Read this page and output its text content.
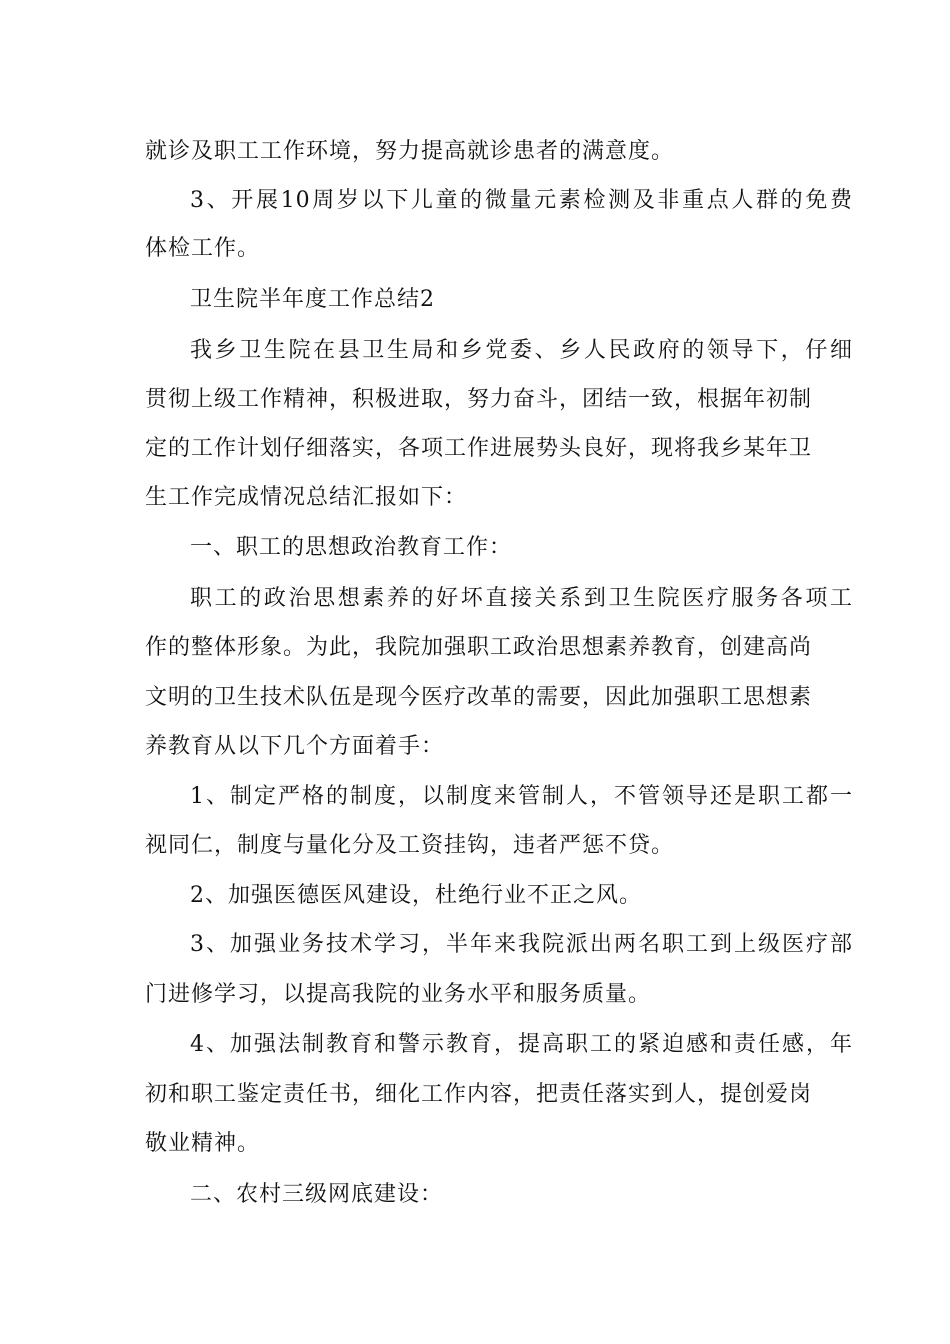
就诊及职工工作环境，努力提高就诊患者的满意度。
3、开展10周岁以下儿童的微量元素检测及非重点人群的免费
体检工作。
卫生院半年度工作总结2
我乡卫生院在县卫生局和乡党委、乡人民政府的领导下，仔细
贯彻上级工作精神，积极进取，努力奋斗，团结一致，根据年初制
定的工作计划仔细落实，各项工作进展势头良好，现将我乡某年卫
生工作完成情况总结汇报如下：
一、职工的思想政治教育工作：
职工的政治思想素养的好坏直接关系到卫生院医疗服务各项工
作的整体形象。为此，我院加强职工政治思想素养教育，创建高尚
文明的卫生技术队伍是现今医疗改革的需要，因此加强职工思想素
养教育从以下几个方面着手：
1、制定严格的制度，以制度来管制人，不管领导还是职工都一
视同仁，制度与量化分及工资挂钩，违者严惩不贷。
2、加强医德医风建设，杜绝行业不正之风。
3、加强业务技术学习，半年来我院派出两名职工到上级医疗部
门进修学习，以提高我院的业务水平和服务质量。
4、加强法制教育和警示教育，提高职工的紧迫感和责任感，年
初和职工鉴定责任书，细化工作内容，把责任落实到人，提创爱岗
敬业精神。
二、农村三级网底建设：
